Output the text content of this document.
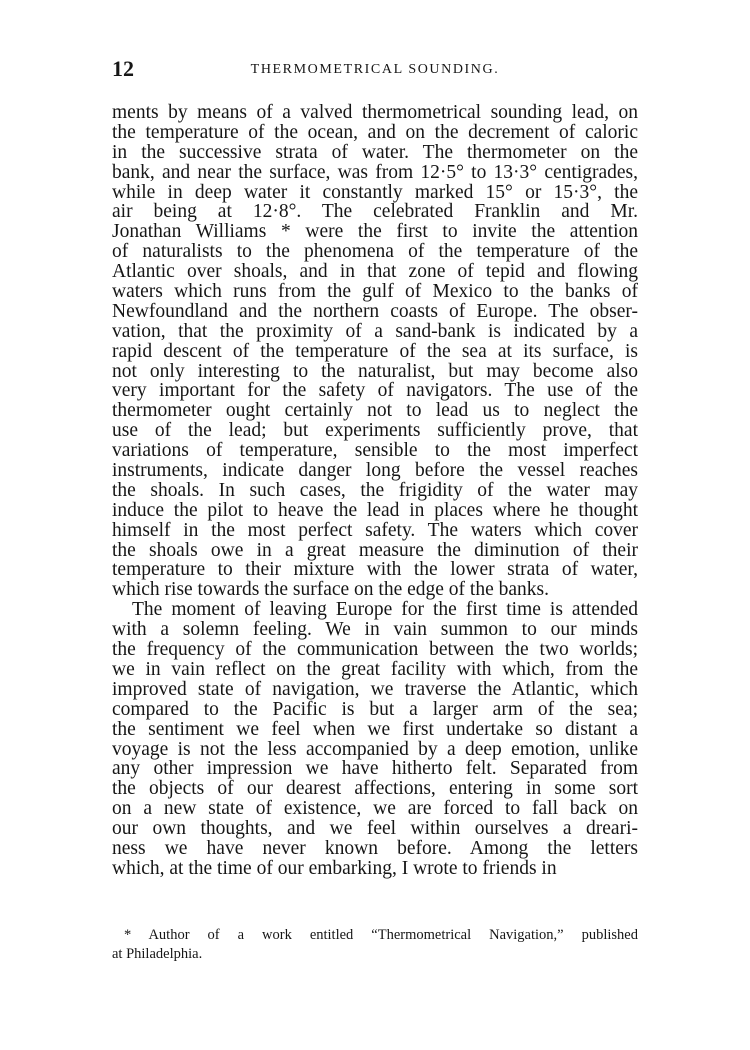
12	THERMOMETRICAL SOUNDING.
ments by means of a valved thermometrical sounding lead, on
the temperature of the ocean, and on the decrement of caloric
in the successive strata of water. The thermometer on the
bank, and near the surface, was from 12·5° to 13·3° centigrades,
while in deep water it constantly marked 15° or 15·3°, the
air being at 12·8°. The celebrated Franklin and Mr.
Jonathan Williams * were the first to invite the attention
of naturalists to the phenomena of the temperature of the
Atlantic over shoals, and in that zone of tepid and flowing
waters which runs from the gulf of Mexico to the banks of
Newfoundland and the northern coasts of Europe. The obser-
vation, that the proximity of a sand-bank is indicated by a
rapid descent of the temperature of the sea at its surface, is
not only interesting to the naturalist, but may become also
very important for the safety of navigators. The use of the
thermometer ought certainly not to lead us to neglect the
use of the lead; but experiments sufficiently prove, that
variations of temperature, sensible to the most imperfect
instruments, indicate danger long before the vessel reaches
the shoals. In such cases, the frigidity of the water may
induce the pilot to heave the lead in places where he thought
himself in the most perfect safety. The waters which cover
the shoals owe in a great measure the diminution of their
temperature to their mixture with the lower strata of water,
which rise towards the surface on the edge of the banks.
The moment of leaving Europe for the first time is attended
with a solemn feeling. We in vain summon to our minds
the frequency of the communication between the two worlds;
we in vain reflect on the great facility with which, from the
improved state of navigation, we traverse the Atlantic, which
compared to the Pacific is but a larger arm of the sea;
the sentiment we feel when we first undertake so distant a
voyage is not the less accompanied by a deep emotion, unlike
any other impression we have hitherto felt. Separated from
the objects of our dearest affections, entering in some sort
on a new state of existence, we are forced to fall back on
our own thoughts, and we feel within ourselves a dreari-
ness we have never known before. Among the letters
which, at the time of our embarking, I wrote to friends in
* Author of a work entitled “Thermometrical Navigation,” published
at Philadelphia.
